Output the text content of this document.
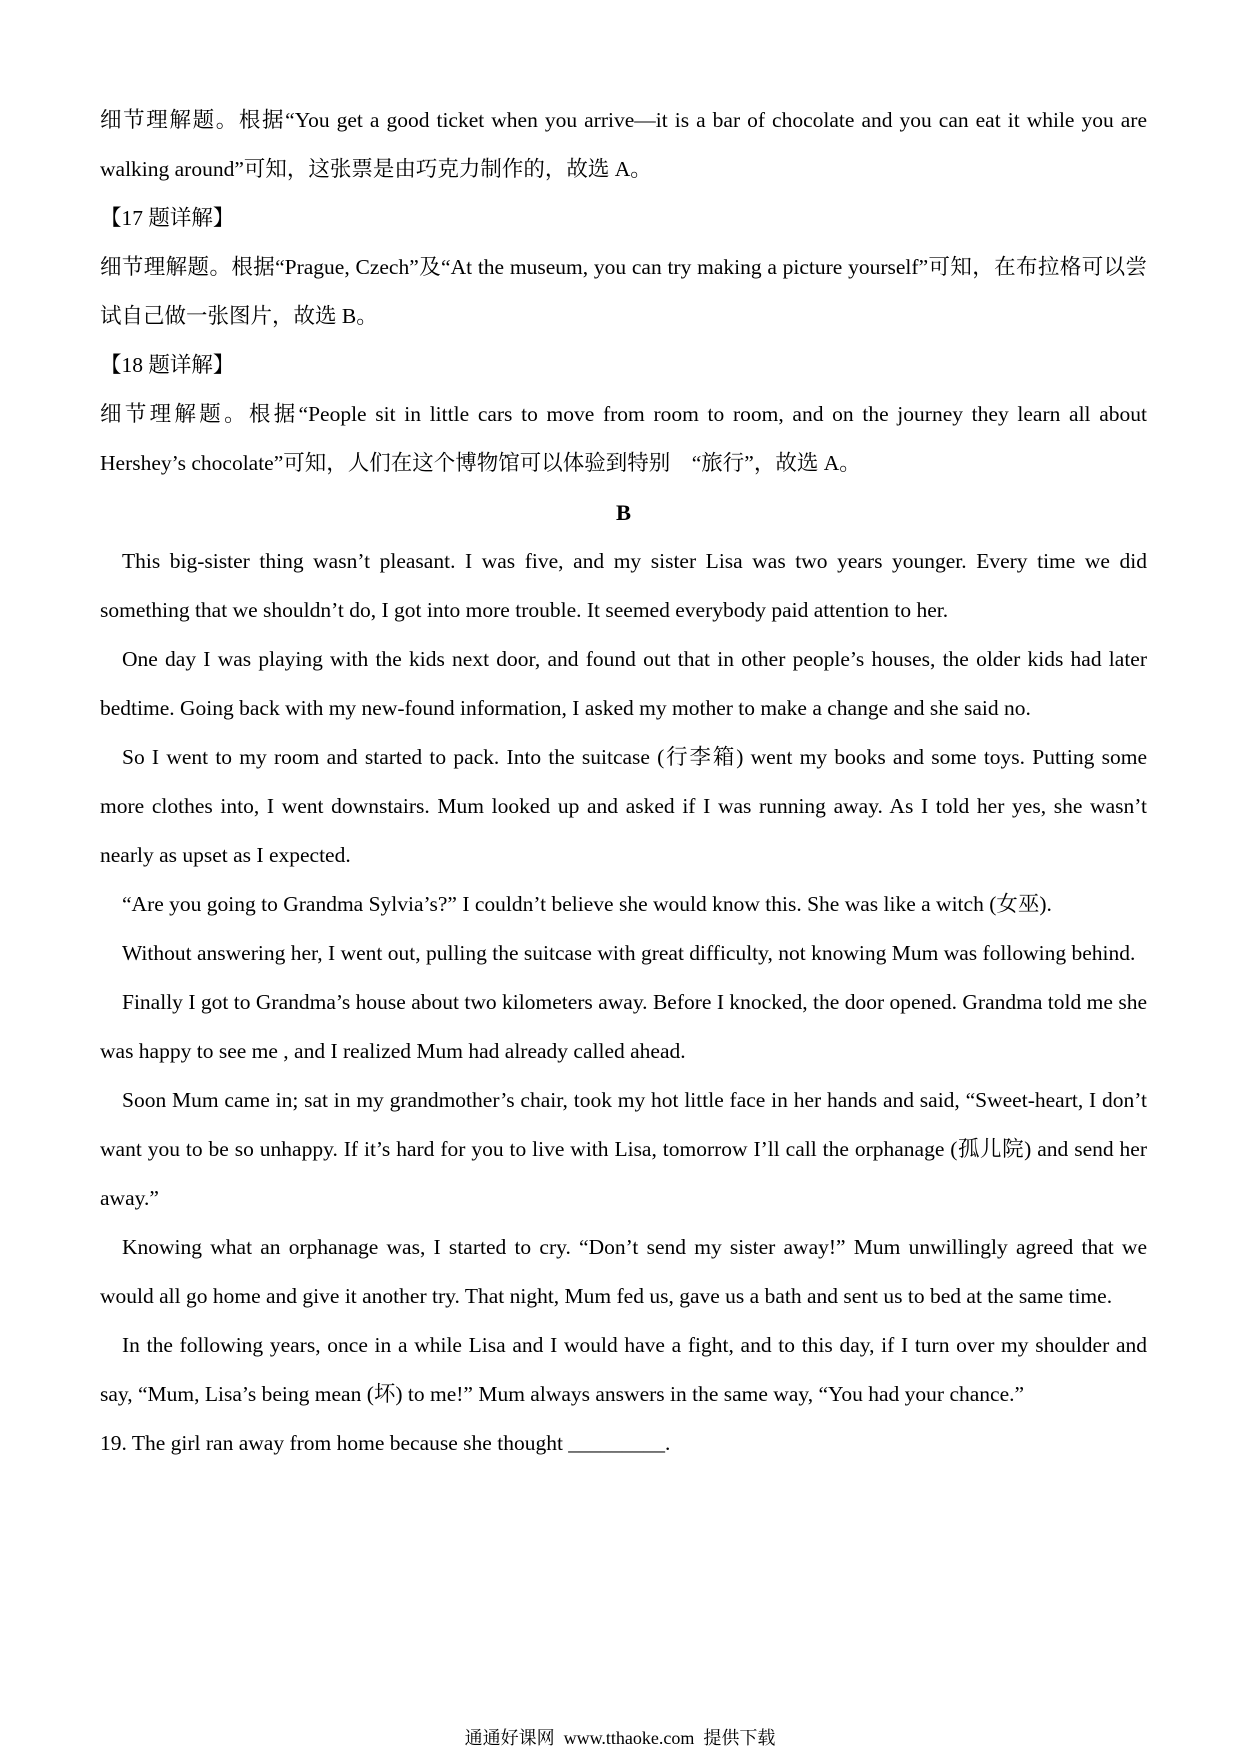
细节理解题。根据“You get a good ticket when you arrive—it is a bar of chocolate and you can eat it while you are walking around”可知，这张票是由巧克力制作的，故选 A。

【17 题详解】

细节理解题。根据“Prague, Czech”及“At the museum, you can try making a picture yourself”可知，在布拉格可以尝试自己做一张图片，故选 B。

【18 题详解】

细节理解题。根据“People sit in little cars to move from room to room, and on the journey they learn all about Hershey’s chocolate”可知，人们在这个博物馆可以体验到特别　“旅行”，故选 A。

B

This big-sister thing wasn’t pleasant. I was five, and my sister Lisa was two years younger. Every time we did something that we shouldn’t do, I got into more trouble. It seemed everybody paid attention to her.

One day I was playing with the kids next door, and found out that in other people’s houses, the older kids had later bedtime. Going back with my new-found information, I asked my mother to make a change and she said no.

So I went to my room and started to pack. Into the suitcase (行李箱) went my books and some toys. Putting some more clothes into, I went downstairs. Mum looked up and asked if I was running away. As I told her yes, she wasn’t nearly as upset as I expected.

“Are you going to Grandma Sylvia’s?” I couldn’t believe she would know this. She was like a witch (女巫).

Without answering her, I went out, pulling the suitcase with great difficulty, not knowing Mum was following behind.

Finally I got to Grandma’s house about two kilometers away. Before I knocked, the door opened. Grandma told me she was happy to see me , and I realized Mum had already called ahead.

Soon Mum came in; sat in my grandmother’s chair, took my hot little face in her hands and said, “Sweet-heart, I don’t want you to be so unhappy. If it’s hard for you to live with Lisa, tomorrow I’ll call the orphanage (孤儿院) and send her away.”

Knowing what an orphanage was, I started to cry. “Don’t send my sister away!” Mum unwillingly agreed that we would all go home and give it another try. That night, Mum fed us, gave us a bath and sent us to bed at the same time.

In the following years, once in a while Lisa and I would have a fight, and to this day, if I turn over my shoulder and say, “Mum, Lisa’s being mean (坏) to me!” Mum always answers in the same way, “You had your chance.”

19. The girl ran away from home because she thought _________.

通通好课网  www.tthaoke.com  提供下载
